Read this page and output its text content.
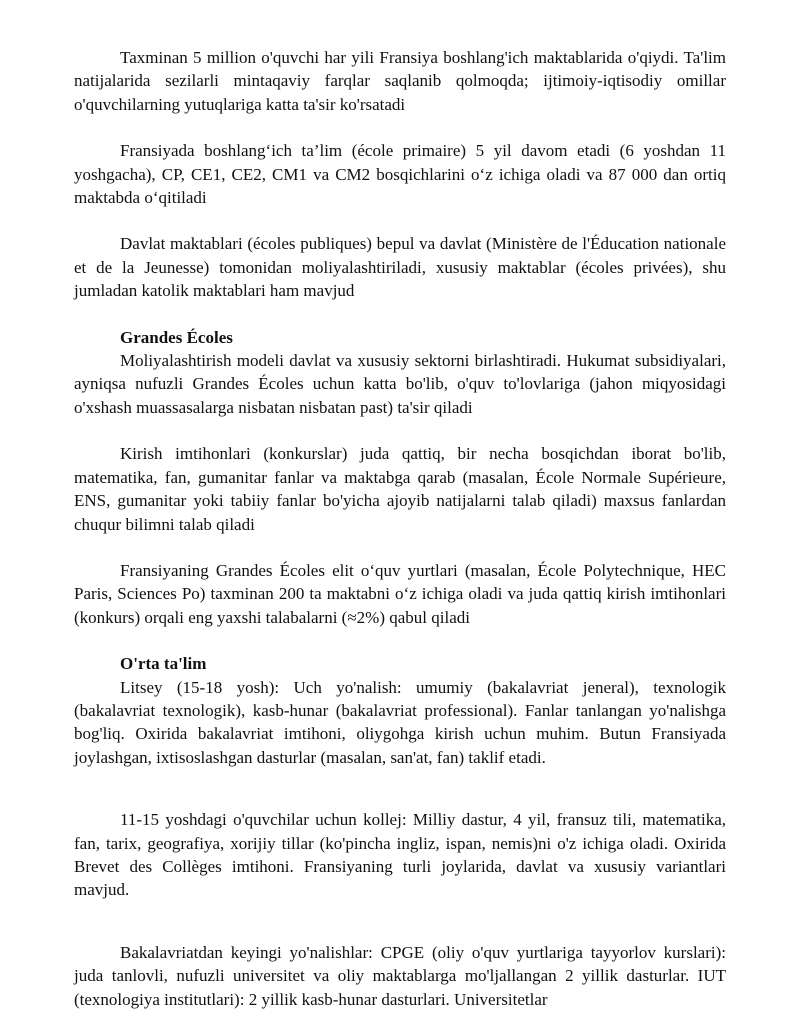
Taxminan 5 million o'quvchi har yili Fransiya boshlang'ich maktablarida o'qiydi. Ta'lim natijalarida sezilarli mintaqaviy farqlar saqlanib qolmoqda; ijtimoiy-iqtisodiy omillar o'quvchilarning yutuqlariga katta ta'sir ko'rsatadi

Fransiyada boshlang‘ich ta’lim (école primaire) 5 yil davom etadi (6 yoshdan 11 yoshgacha), CP, CE1, CE2, CM1 va CM2 bosqichlarini o‘z ichiga oladi va 87 000 dan ortiq maktabda o‘qitiladi

Davlat maktablari (écoles publiques) bepul va davlat (Ministère de l'Éducation nationale et de la Jeunesse) tomonidan moliyalashtiriladi, xususiy maktablar (écoles privées), shu jumladan katolik maktablari ham mavjud

Grandes Écoles

Moliyalashtirish modeli davlat va xususiy sektorni birlashtiradi. Hukumat subsidiyalari, ayniqsa nufuzli Grandes Écoles uchun katta bo'lib, o'quv to'lovlariga (jahon miqyosidagi o'xshash muassasalarga nisbatan nisbatan past) ta'sir qiladi

Kirish imtihonlari (konkurslar) juda qattiq, bir necha bosqichdan iborat bo'lib, matematika, fan, gumanitar fanlar va maktabga qarab (masalan, École Normale Supérieure, ENS, gumanitar yoki tabiiy fanlar bo'yicha ajoyib natijalarni talab qiladi) maxsus fanlardan chuqur bilimni talab qiladi

Fransiyaning Grandes Écoles elit o‘quv yurtlari (masalan, École Polytechnique, HEC Paris, Sciences Po) taxminan 200 ta maktabni o‘z ichiga oladi va juda qattiq kirish imtihonlari (konkurs) orqali eng yaxshi talabalarni (≈2%) qabul qiladi

O'rta ta'lim

Litsey (15-18 yosh): Uch yo'nalish: umumiy (bakalavriat jeneral), texnologik (bakalavriat texnologik), kasb-hunar (bakalavriat professional). Fanlar tanlangan yo'nalishga bog'liq. Oxirida bakalavriat imtihoni, oliygohga kirish uchun muhim. Butun Fransiyada joylashgan, ixtisoslashgan dasturlar (masalan, san'at, fan) taklif etadi.

11-15 yoshdagi o'quvchilar uchun kollej: Milliy dastur, 4 yil, fransuz tili, matematika, fan, tarix, geografiya, xorijiy tillar (ko'pincha ingliz, ispan, nemis)ni o'z ichiga oladi. Oxirida Brevet des Collèges imtihoni. Fransiyaning turli joylarida, davlat va xususiy variantlari mavjud.

Bakalavriatdan keyingi yo'nalishlar: CPGE (oliy o'quv yurtlariga tayyorlov kurslari): juda tanlovli, nufuzli universitet va oliy maktablarga mo'ljallangan 2 yillik dasturlar. IUT (texnologiya institutlari): 2 yillik kasb-hunar dasturlari. Universitetlar
